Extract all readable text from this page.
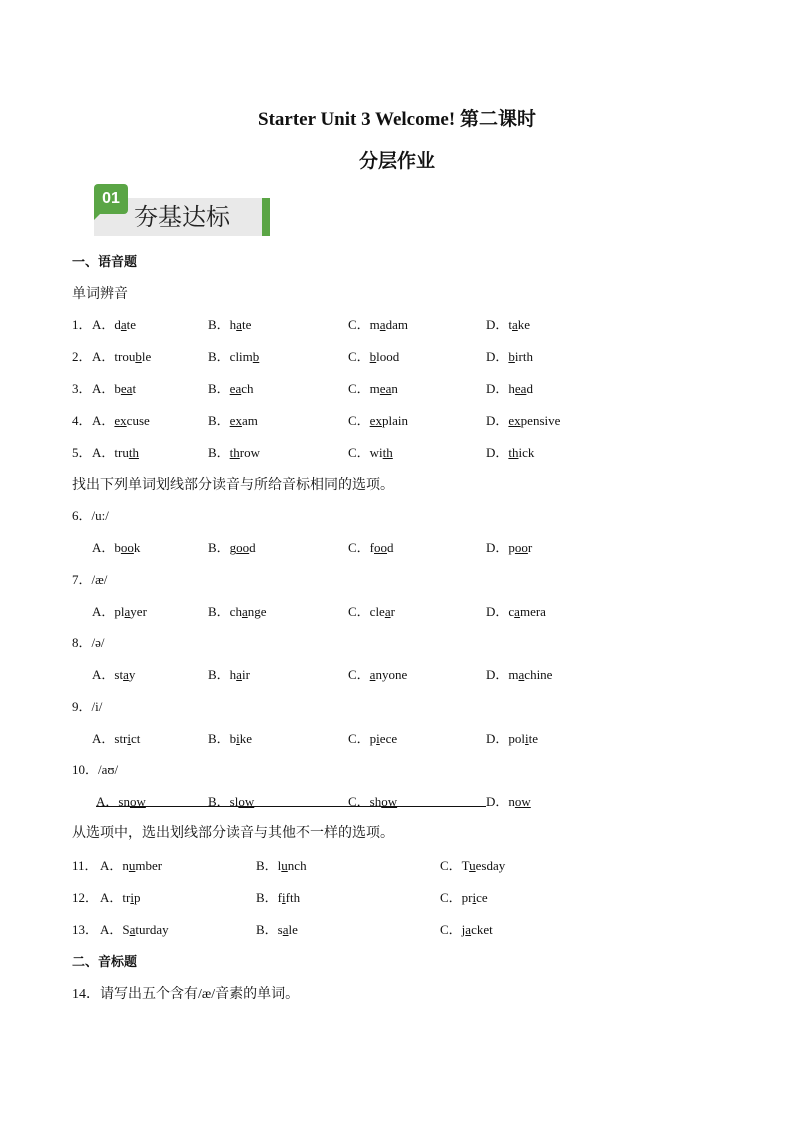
Starter Unit 3 Welcome! 第二课时
分层作业
01
夯基达标
一、语音题
单词辨音
1． A．date	B．hate	C．madam	D．take
2． A．trouble	B．climb	C．blood	D．birth
3． A．beat	B．each	C．mean	D．head
4． A．excuse	B．exam	C．explain	D．expensive
5． A．truth	B．throw	C．with	D．thick
找出下列单词划线部分读音与所给音标相同的选项。
6．/u:/
A．book	B．good	C．food	D．poor
7．/æ/
A．player	B．change	C．clear	D．camera
8．/ə/
A．stay	B．hair	C．anyone	D．machine
9．/i/
A．strict	B．bike	C．piece	D．polite
10．/aʊ/
A．snow	B．slow	C．show	D．now
从选项中，选出划线部分读音与其他不一样的选项。
11． A．number	B．lunch	C．Tuesday
12． A．trip	B．fifth	C．price
13． A．Saturday	B．sale	C．jacket
二、音标题
14．请写出五个含有/æ/音素的单词。
